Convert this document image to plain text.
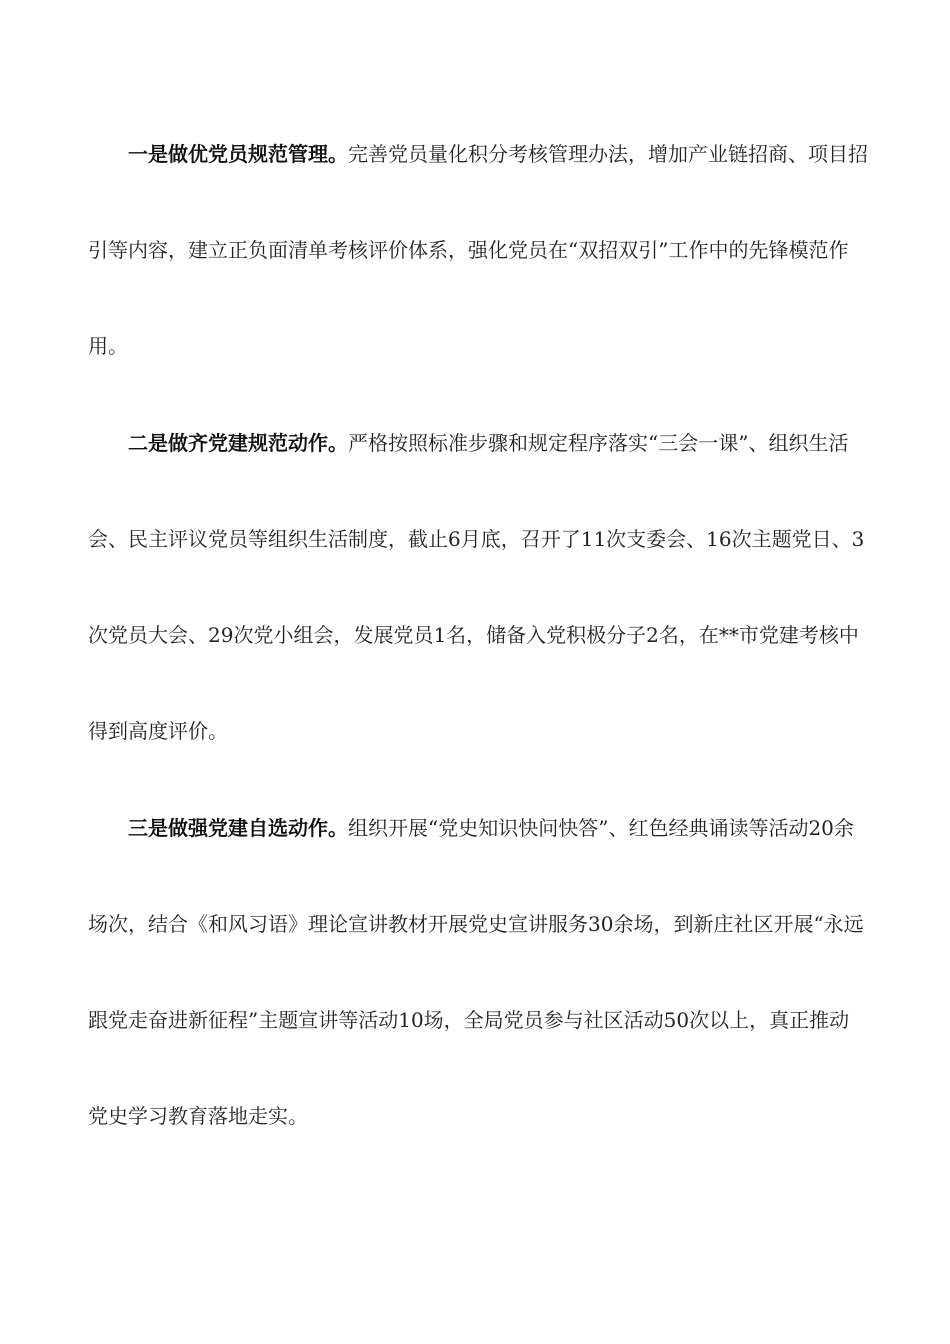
一是做优党员规范管理。完善党员量化积分考核管理办法，增加产业链招商、项目招引等内容，建立正负面清单考核评价体系，强化党员在“双招双引”工作中的先锋模范作用。

二是做齐党建规范动作。严格按照标准步骤和规定程序落实“三会一课”、组织生活会、民主评议党员等组织生活制度，截止6月底，召开了11次支委会、16次主题党日、3次党员大会、29次党小组会，发展党员1名，储备入党积极分子2名，在**市党建考核中得到高度评价。

三是做强党建自选动作。组织开展“党史知识快问快答”、红色经典诵读等活动20余场次，结合《和风习语》理论宣讲教材开展党史宣讲服务30余场，到新庄社区开展“永远跟党走奋进新征程”主题宣讲等活动10场，全局党员参与社区活动50次以上，真正推动党史学习教育落地走实。
